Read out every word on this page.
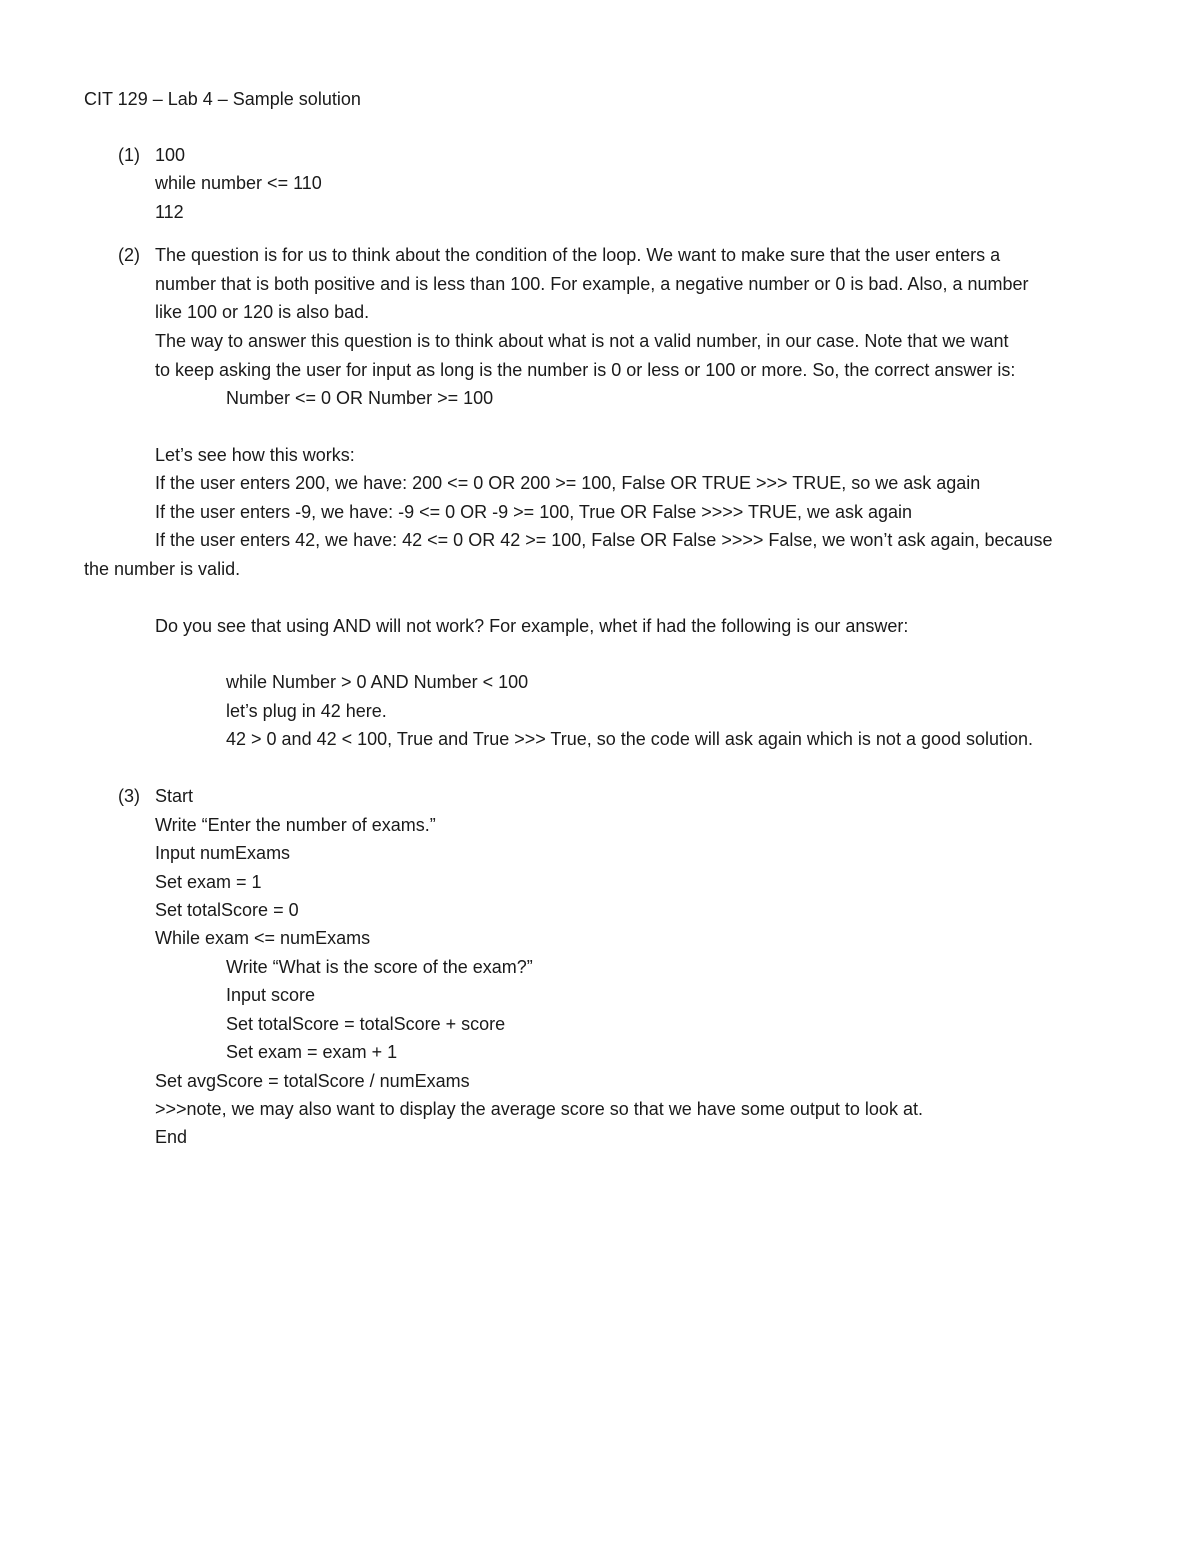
CIT 129 – Lab 4 – Sample solution

(1) 100

while number <= 110

112

(2) The question is for us to think about the condition of the loop. We want to make sure that the user enters a

number that is both positive and is less than 100. For example, a negative number or 0 is bad. Also, a number

like 100 or 120 is also bad.

The way to answer this question is to think about what is not a valid number, in our case. Note that we want

to keep asking the user for input as long is the number is 0 or less or 100 or more. So, the correct answer is:

Number <= 0 OR Number >= 100

Let’s see how this works:

If the user enters 200, we have: 200 <= 0 OR 200 >= 100, False OR TRUE >>> TRUE, so we ask again

If the user enters -9, we have: -9 <= 0 OR -9 >= 100, True OR False >>>> TRUE, we ask again

If the user enters 42, we have: 42 <= 0 OR 42 >= 100, False OR False >>>> False, we won’t ask again, because

the number is valid.

Do you see that using AND will not work? For example, whet if had the following is our answer:

while Number > 0 AND Number < 100

let’s plug in 42 here.

42 > 0 and 42 < 100, True and True >>> True, so the code will ask again which is not a good solution.

(3) Start

Write “Enter the number of exams.”

Input numExams

Set exam = 1

Set totalScore = 0

While exam <= numExams

Write “What is the score of the exam?”

Input score

Set totalScore = totalScore + score

Set exam = exam + 1

Set avgScore = totalScore / numExams

>>>note, we may also want to display the average score so that we have some output to look at.

End
